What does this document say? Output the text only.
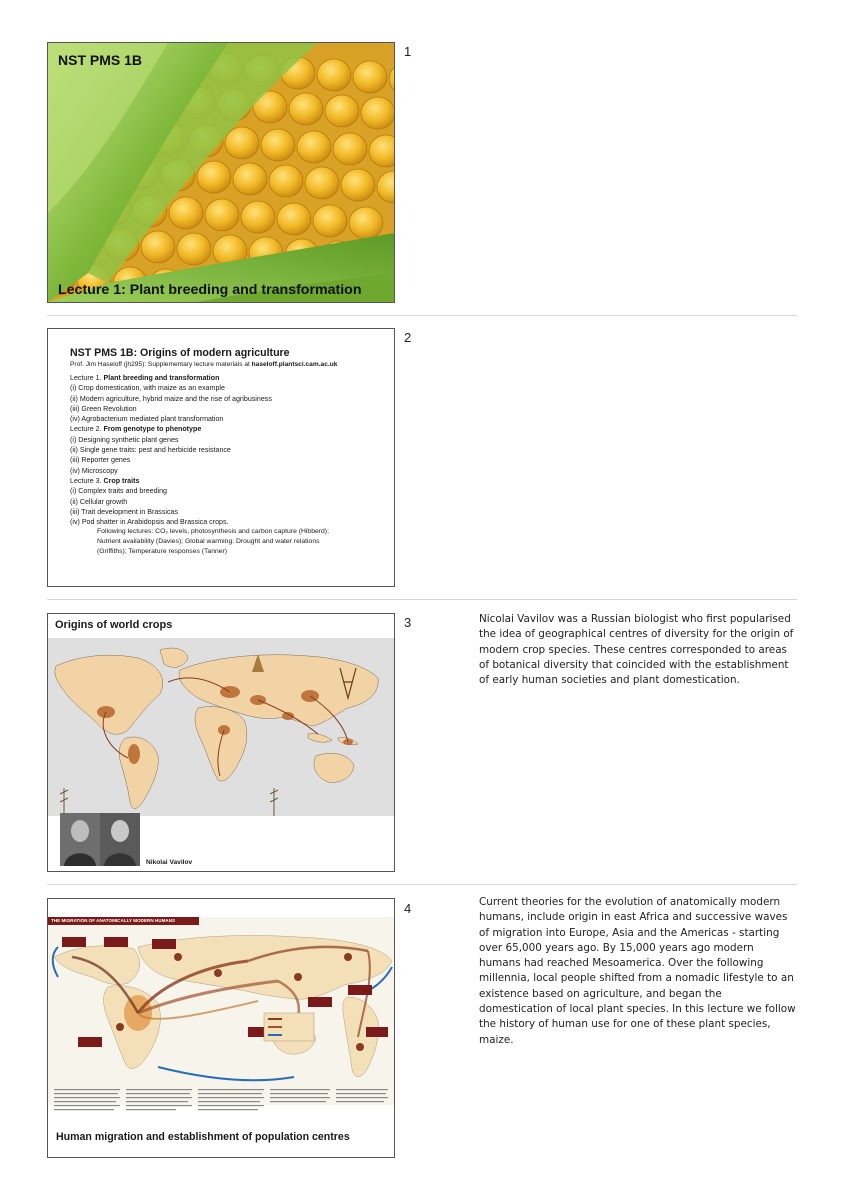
NST PMS 1B
Lecture 1: Plant breeding and transformation
1
NST PMS 1B: Origins of modern agriculture
Prof. Jim Haseloff (jh295): Supplementary lecture materials at haseloff.plantsci.cam.ac.uk
Lecture 1. Plant breeding and transformation
(i) Crop domestication, with maize as an example
(ii) Modern agriculture, hybrid maize and the rise of agribusiness
(iii) Green Revolution
(iv) Agrobacterium mediated plant transformation
Lecture 2. From genotype to phenotype
(i) Designing synthetic plant genes
(ii) Single gene traits: pest and herbicide resistance
(iii) Reporter genes
(iv) Microscopy
Lecture 3. Crop traits
(i) Complex traits and breeding
(ii) Cellular growth
(iii) Trait development in Brassicas
(iv) Pod shatter in Arabidopsis and Brassica crops.
Following lectures: CO₂ levels, photosynthesis and carbon capture (Hibberd);
Nutrient availability (Davies); Global warming: Drought and water relations
(Griffiths); Temperature responses (Tanner)
2
Origins of world crops
Nikolai Vavilov
3	Nicolai Vavilov was a Russian biologist who first popularised the idea of geographical centres of diversity for the origin of modern crop species. These centres corresponded to areas of botanical diversity that coincided with the establishment of early human societies and plant domestication.
THE MIGRATION OF ANATOMICALLY MODERN HUMANS
Human migration and establishment of population centres
4	Current theories for the evolution of anatomically modern humans, include origin in east Africa and successive waves of migration into Europe, Asia and the Americas - starting over 65,000 years ago. By 15,000 years ago modern humans had reached Mesoamerica. Over the following millennia, local people shifted from a nomadic lifestyle to an existence based on agriculture, and began the domestication of local plant species. In this lecture we follow the history of human use for one of these plant species, maize.
